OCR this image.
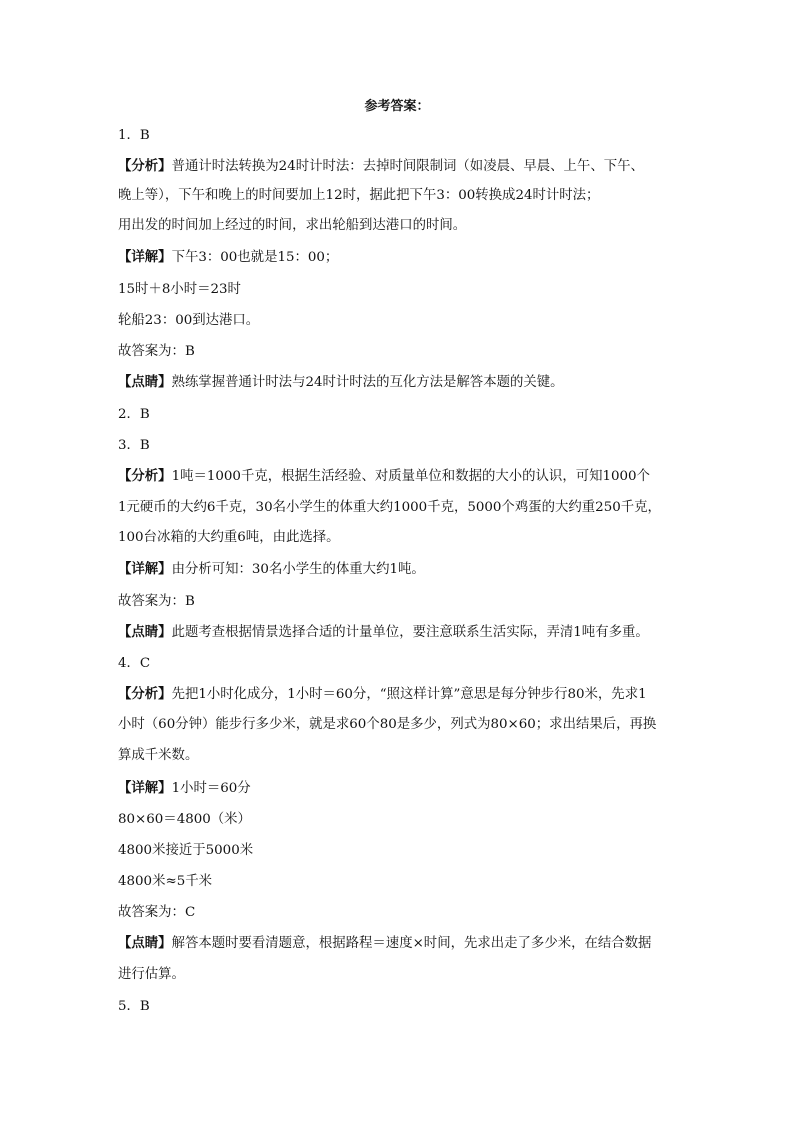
参考答案：
1．B
【分析】普通计时法转换为24时计时法：去掉时间限制词（如凌晨、早晨、上午、下午、
晚上等），下午和晚上的时间要加上12时，据此把下午3：00转换成24时计时法；
用出发的时间加上经过的时间，求出轮船到达港口的时间。
【详解】下午3：00也就是15：00；
15时＋8小时＝23时
轮船23：00到达港口。
故答案为：B
【点睛】熟练掌握普通计时法与24时计时法的互化方法是解答本题的关键。
2．B
3．B
【分析】1吨＝1000千克，根据生活经验、对质量单位和数据的大小的认识，可知1000个
1元硬币的大约6千克，30名小学生的体重大约1000千克，5000个鸡蛋的大约重250千克，
100台冰箱的大约重6吨，由此选择。
【详解】由分析可知：30名小学生的体重大约1吨。
故答案为：B
【点睛】此题考查根据情景选择合适的计量单位，要注意联系生活实际，弄清1吨有多重。
4．C
【分析】先把1小时化成分，1小时＝60分，“照这样计算”意思是每分钟步行80米，先求1
小时（60分钟）能步行多少米，就是求60个80是多少，列式为80×60；求出结果后，再换
算成千米数。
【详解】1小时＝60分
80×60＝4800（米）
4800米接近于5000米
4800米≈5千米
故答案为：C
【点睛】解答本题时要看清题意，根据路程＝速度×时间，先求出走了多少米，在结合数据
进行估算。
5．B
